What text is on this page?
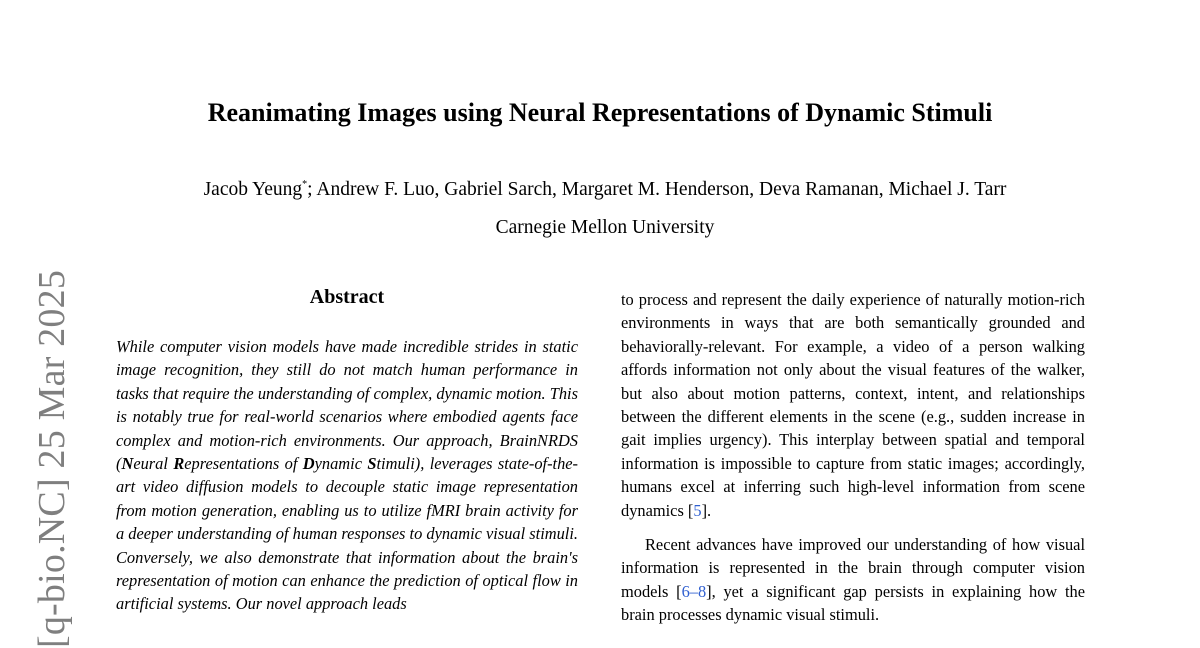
[q-bio.NC] 25 Mar 2025
Reanimating Images using Neural Representations of Dynamic Stimuli
Jacob Yeung*; Andrew F. Luo, Gabriel Sarch, Margaret M. Henderson, Deva Ramanan, Michael J. Tarr
Carnegie Mellon University
Abstract
While computer vision models have made incredible strides in static image recognition, they still do not match human performance in tasks that require the understanding of complex, dynamic motion. This is notably true for real-world scenarios where embodied agents face complex and motion-rich environments. Our approach, BrainNRDS (Neural Representations of Dynamic Stimuli), leverages state-of-the-art video diffusion models to decouple static image representation from motion generation, enabling us to utilize fMRI brain activity for a deeper understanding of human responses to dynamic visual stimuli. Conversely, we also demonstrate that information about the brain's representation of motion can enhance the prediction of optical flow in artificial systems. Our novel approach leads

to process and represent the daily experience of naturally motion-rich environments in ways that are both semantically grounded and behaviorally-relevant. For example, a video of a person walking affords information not only about the visual features of the walker, but also about motion patterns, context, intent, and relationships between the different elements in the scene (e.g., sudden increase in gait implies urgency). This interplay between spatial and temporal information is impossible to capture from static images; accordingly, humans excel at inferring such high-level information from scene dynamics [5].

Recent advances have improved our understanding of how visual information is represented in the brain through computer vision models [6–8], yet a significant gap persists in explaining how the brain processes dynamic visual stimuli.
